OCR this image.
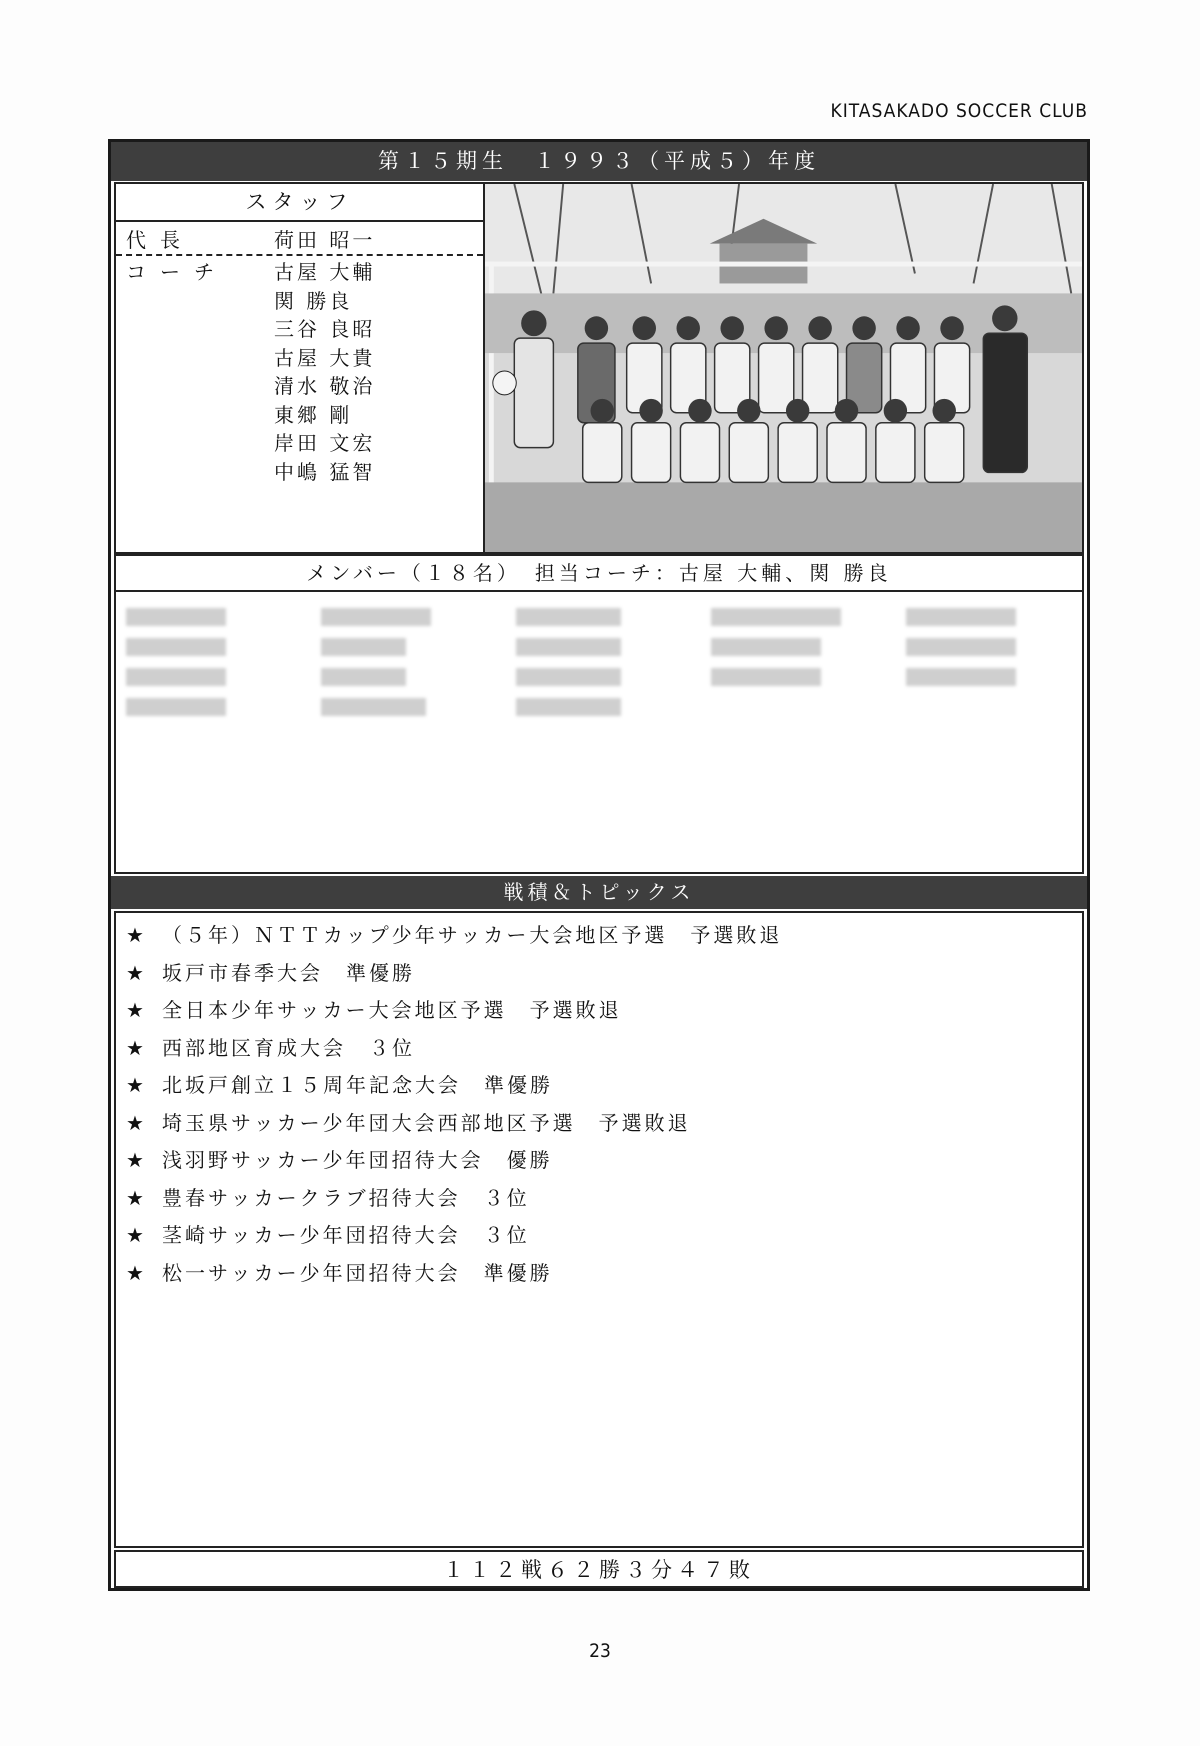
KITASAKADO SOCCER CLUB
第１５期生　１９９３（平成５）年度
スタッフ
代長	荷田 昭一
コーチ	古屋 大輔
関 勝良
三谷 良昭
古屋 大貴
清水 敬治
東郷 剛
岸田 文宏
中嶋 猛智
メンバー（１８名）　担当コーチ：古屋 大輔、関 勝良
戦積＆トピックス
★ （５年）ＮＴＴカップ少年サッカー大会地区予選　予選敗退
★ 坂戸市春季大会　準優勝
★ 全日本少年サッカー大会地区予選　予選敗退
★ 西部地区育成大会　３位
★ 北坂戸創立１５周年記念大会　準優勝
★ 埼玉県サッカー少年団大会西部地区予選　予選敗退
★ 浅羽野サッカー少年団招待大会　優勝
★ 豊春サッカークラブ招待大会　３位
★ 茎崎サッカー少年団招待大会　３位
★ 松一サッカー少年団招待大会　準優勝
１１２戦６２勝３分４７敗
23
